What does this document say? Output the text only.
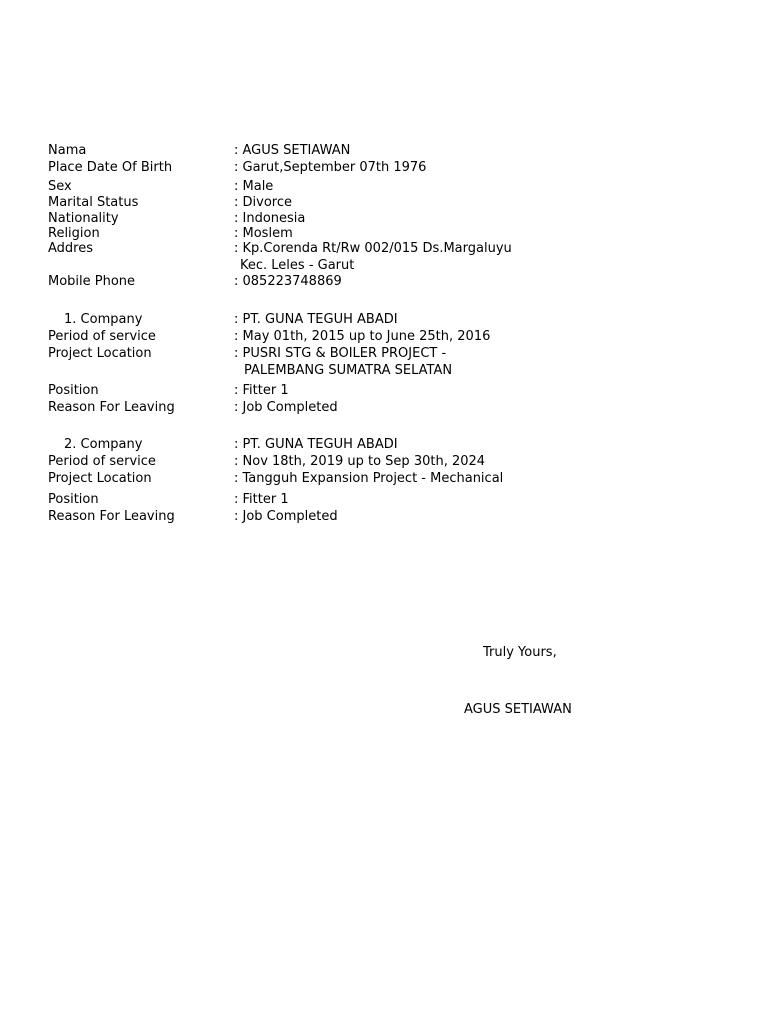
Nama	: AGUS SETIAWAN
Place Date Of Birth	: Garut,September 07th 1976
Sex	: Male
Marital Status	: Divorce
Nationality	: Indonesia
Religion	: Moslem
Addres	: Kp.Corenda Rt/Rw 002/015 Ds.Margaluyu
Kec. Leles - Garut
Mobile Phone	: 085223748869
1. Company	: PT. GUNA TEGUH ABADI
Period of service	: May 01th, 2015 up to June 25th, 2016
Project Location	: PUSRI STG & BOILER PROJECT -
PALEMBANG SUMATRA SELATAN
Position	: Fitter 1
Reason For Leaving	: Job Completed
2. Company	: PT. GUNA TEGUH ABADI
Period of service	: Nov 18th, 2019 up to Sep 30th, 2024
Project Location	: Tangguh Expansion Project - Mechanical
Position	: Fitter 1
Reason For Leaving	: Job Completed
Truly Yours,
AGUS SETIAWAN
